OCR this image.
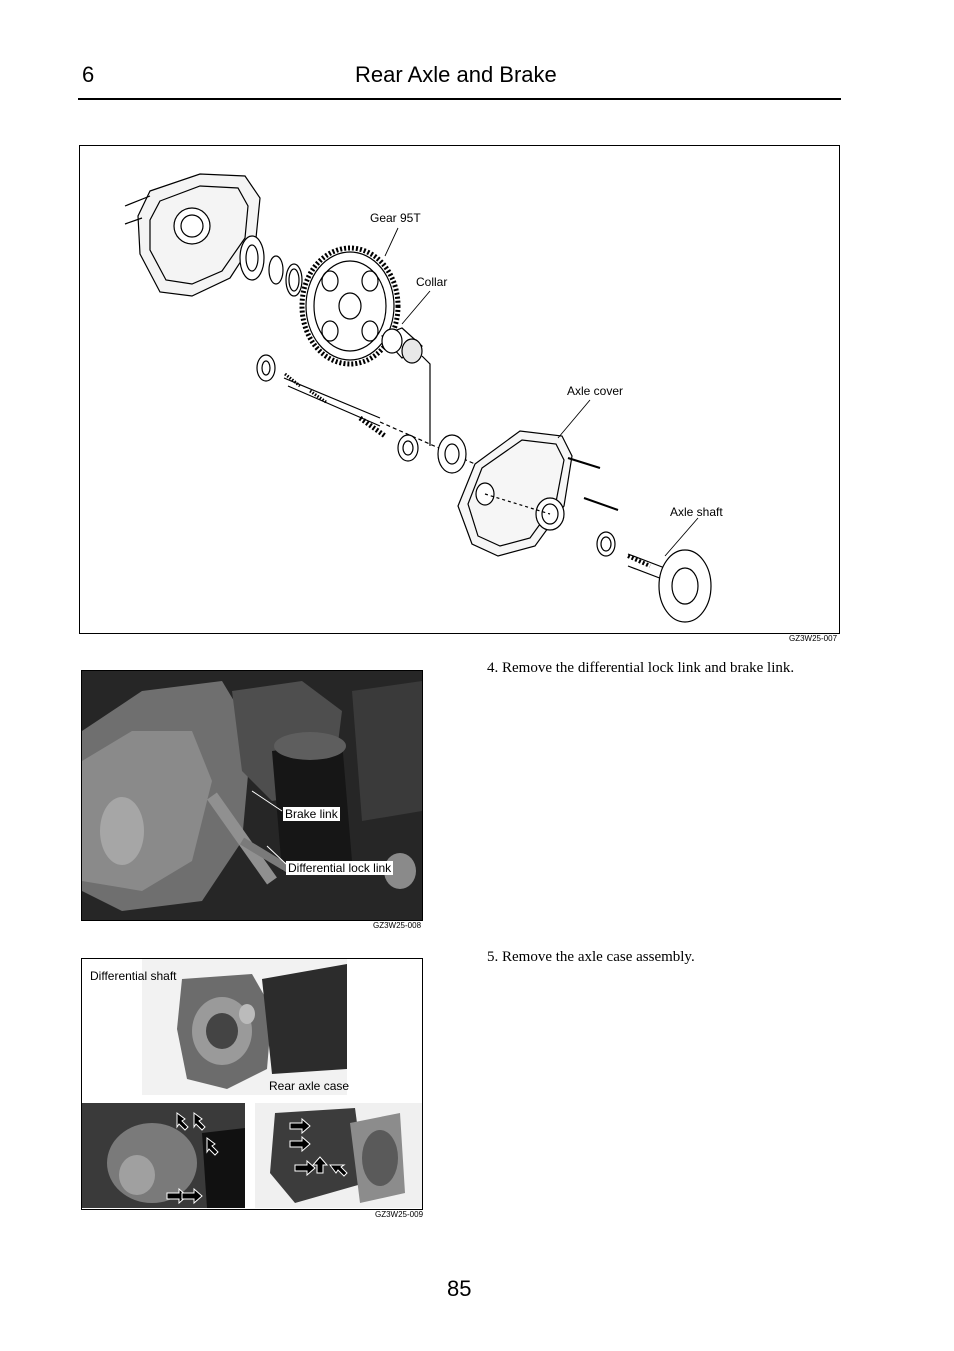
6	Rear Axle and Brake
Gear 95T
Collar
Axle cover
Axle shaft
GZ3W25-007
4. Remove the differential lock link and brake link.
Brake link
Differential lock link
GZ3W25-008
5. Remove the axle case assembly.
Differential shaft
Rear axle case
GZ3W25-009
85
